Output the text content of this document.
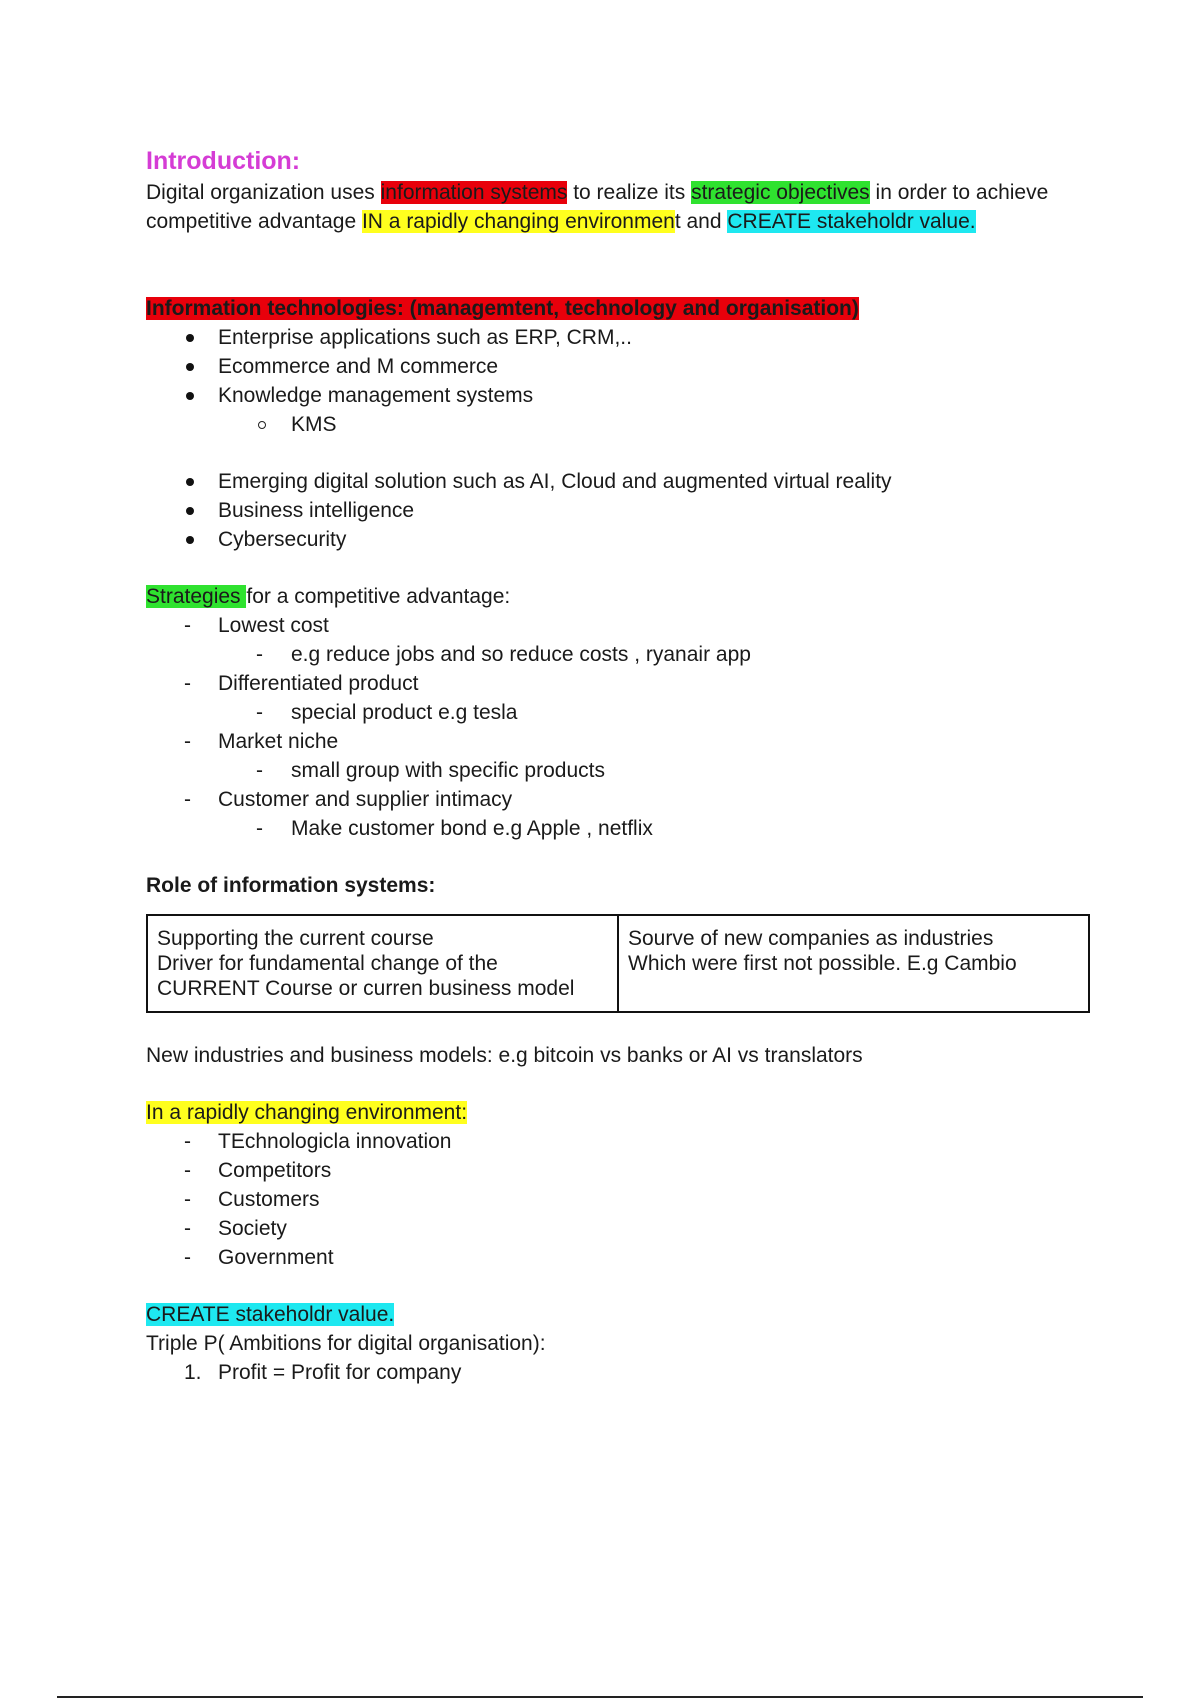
Introduction:

Digital organization uses information systems to realize its strategic objectives in order to achieve competitive advantage IN a rapidly changing environment and CREATE stakeholdr value.

Information technologies: (managemtent, technology and organisation)
Enterprise applications such as ERP, CRM,..
Ecommerce and M commerce
Knowledge management systems
KMS
Emerging digital solution such as AI, Cloud and augmented virtual reality
Business intelligence
Cybersecurity

Strategies for a competitive advantage:

- Lowest cost
- e.g reduce jobs and so reduce costs , ryanair app
- Differentiated product
- special product e.g tesla
- Market niche
- small group with specific products
- Customer and supplier intimacy
- Make customer bond e.g Apple , netflix

Role of information systems:

Supporting the current course
Driver for fundamental change of the
CURRENT Course or curren business model

Sourve of new companies as industries
Which were first not possible. E.g Cambio

New industries and business models: e.g bitcoin vs banks or AI vs translators

In a rapidly changing environment:

- TEchnologicla innovation
- Competitors
- Customers
- Society
- Government

CREATE stakeholdr value.

Triple P( Ambitions for digital organisation):

1. Profit = Profit for company
